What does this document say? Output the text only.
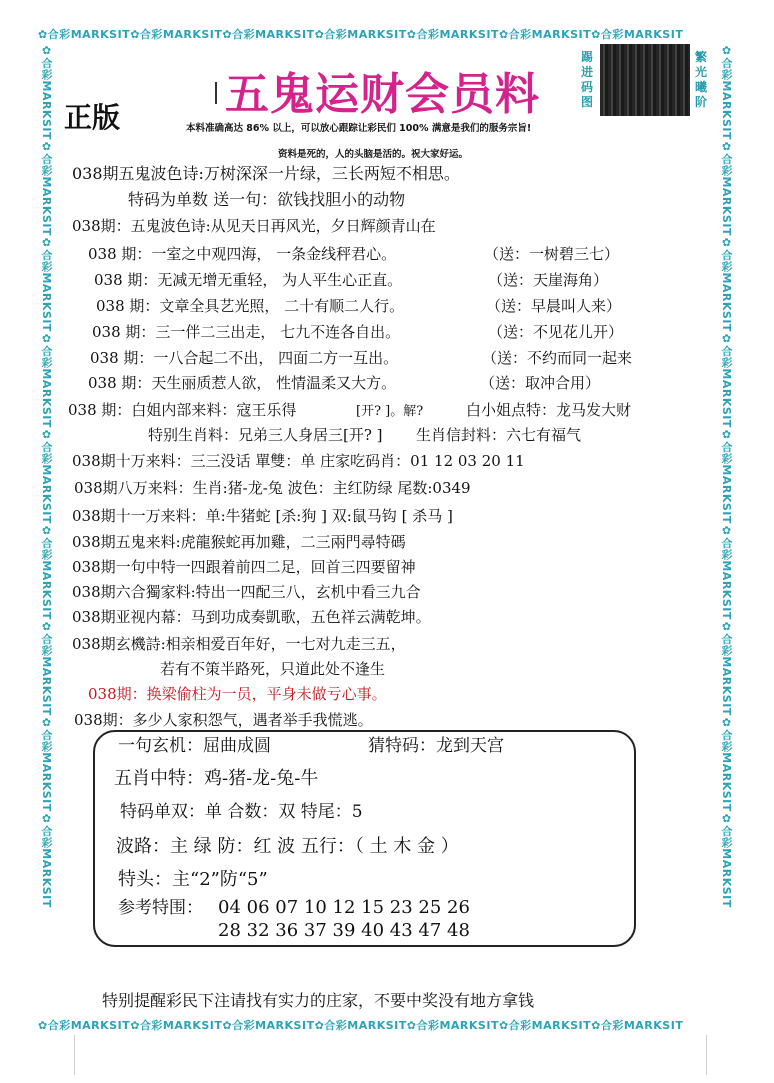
✿合彩MARKSIT✿合彩MARKSIT✿合彩MARKSIT✿合彩MARKSIT✿合彩MARKSIT✿合彩MARKSIT✿合彩MARKSIT
✿合彩MARKSIT✿合彩MARKSIT✿合彩MARKSIT✿合彩MARKSIT✿合彩MARKSIT✿合彩MARKSIT✿合彩MARKSIT
✿合彩MARKSIT✿合彩MARKSIT✿合彩MARKSIT✿合彩MARKSIT✿合彩MARKSIT✿合彩MARKSIT✿合彩MARKSIT✿合彩MARKSIT✿合彩MARKSIT	✿合彩MARKSIT✿合彩MARKSIT✿合彩MARKSIT✿合彩MARKSIT✿合彩MARKSIT✿合彩MARKSIT✿合彩MARKSIT✿合彩MARKSIT✿合彩MARKSIT
五鬼运财会员料
正版
踢进码图
繁光曦阶
本料准确高达 86% 以上，可以放心跟踪让彩民们 100% 满意是我们的服务宗旨!
资料是死的，人的头脑是活的。祝大家好运。
038期五鬼波色诗:万树深深一片绿，三长两短不相思。
特码为单数 送一句：欲钱找胆小的动物
038期：五鬼波色诗:从见天日再风光，夕日辉颜青山在
038 期：一室之中观四海， 一条金线秤君心。	（送：一树碧三七）
038 期：无减无增无重轻， 为人平生心正直。	（送：天崖海角）
038 期：文章全具艺光照， 二十有顺二人行。	（送：早晨叫人来）
038 期：三一伴二三出走， 七九不连各自出。	（送：不见花儿开）
038 期：一八合起二不出， 四面二方一互出。	（送：不约而同一起来
038 期：天生丽质惹人欲， 性情温柔又大方。	（送：取冲合用）
038 期：白姐内部来料：寇王乐得	[开? ]。解?	白小姐点特：龙马发大财
特别生肖料：兄弟三人身居三[开? ] 生肖信封料：六七有福气
038期十万来料：三三没话 單雙：单 庄家吃码肖：01 12 03 20 11
038期八万来料：生肖:猪-龙-兔 波色：主红防绿 尾数:0349
038期十一万来料：单:牛猪蛇 [杀:狗 ] 双:鼠马钩 [ 杀马 ]
038期五鬼来料:虎龍猴蛇再加雞，二三兩門尋特碼
038期一句中特一四跟着前四二足，回首三四要留神
038期六合獨家料:特出一四配三八，玄机中看三九合
038期亚视内幕：马到功成奏凱歌，五色祥云满乾坤。
038期玄機詩:相亲相爱百年好，一七对九走三五，
若有不策半路死，只道此处不逢生
038期：换梁偷柱为一员，平身未做亏心事。
038期：多少人家积怨气，遇者举手我慌逃。
一句玄机：屈曲成圆	猜特码：龙到天宫
五肖中特：鸡-猪-龙-兔-牛
特码单双：单 合数：双 特尾：5
波路：主 绿 防：红 波 五行：（ 土 木 金 ）
特头：主“2”防“5”
参考特围： 04 06 07 10 12 15 23 25 26
28 32 36 37 39 40 43 47 48
特别提醒彩民下注请找有实力的庄家，不要中奖没有地方拿钱
